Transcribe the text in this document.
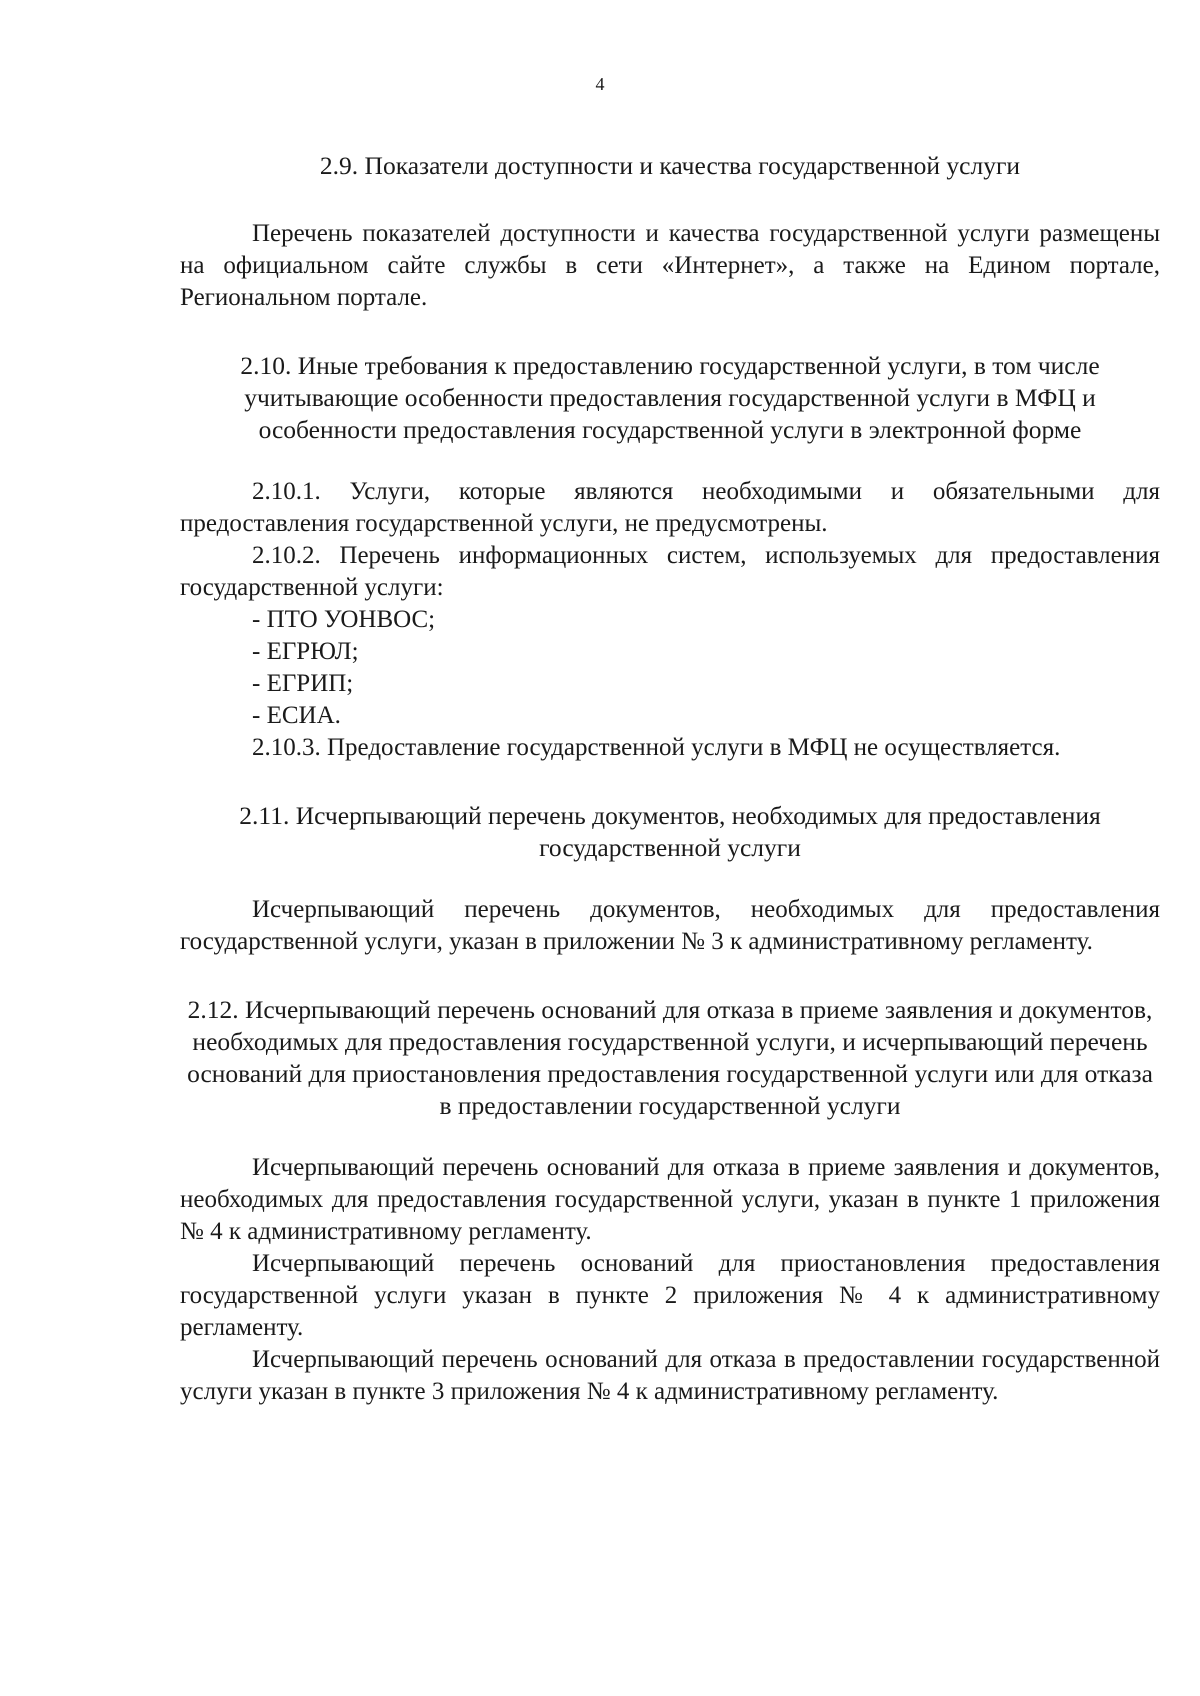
4
2.9. Показатели доступности и качества государственной услуги

Перечень показателей доступности и качества государственной услуги размещены на официальном сайте службы в сети «Интернет», а также на Едином портале, Региональном портале.

2.10. Иные требования к предоставлению государственной услуги, в том числе учитывающие особенности предоставления государственной услуги в МФЦ и особенности предоставления государственной услуги в электронной форме

2.10.1. Услуги, которые являются необходимыми и обязательными для предоставления государственной услуги, не предусмотрены.

2.10.2. Перечень информационных систем, используемых для предоставления государственной услуги:

- ПТО УОНВОС;

- ЕГРЮЛ;

- ЕГРИП;

- ЕСИА.

2.10.3. Предоставление государственной услуги в МФЦ не осуществляется.

2.11. Исчерпывающий перечень документов, необходимых для предоставления государственной услуги

Исчерпывающий перечень документов, необходимых для предоставления государственной услуги, указан в приложении № 3 к административному регламенту.

2.12. Исчерпывающий перечень оснований для отказа в приеме заявления и документов, необходимых для предоставления государственной услуги, и исчерпывающий перечень оснований для приостановления предоставления государственной услуги или для отказа в предоставлении государственной услуги

Исчерпывающий перечень оснований для отказа в приеме заявления и документов, необходимых для предоставления государственной услуги, указан в пункте 1 приложения № 4 к административному регламенту.

Исчерпывающий перечень оснований для приостановления предоставления государственной услуги указан в пункте 2 приложения № 4 к административному регламенту.

Исчерпывающий перечень оснований для отказа в предоставлении государственной услуги указан в пункте 3 приложения № 4 к административному регламенту.
